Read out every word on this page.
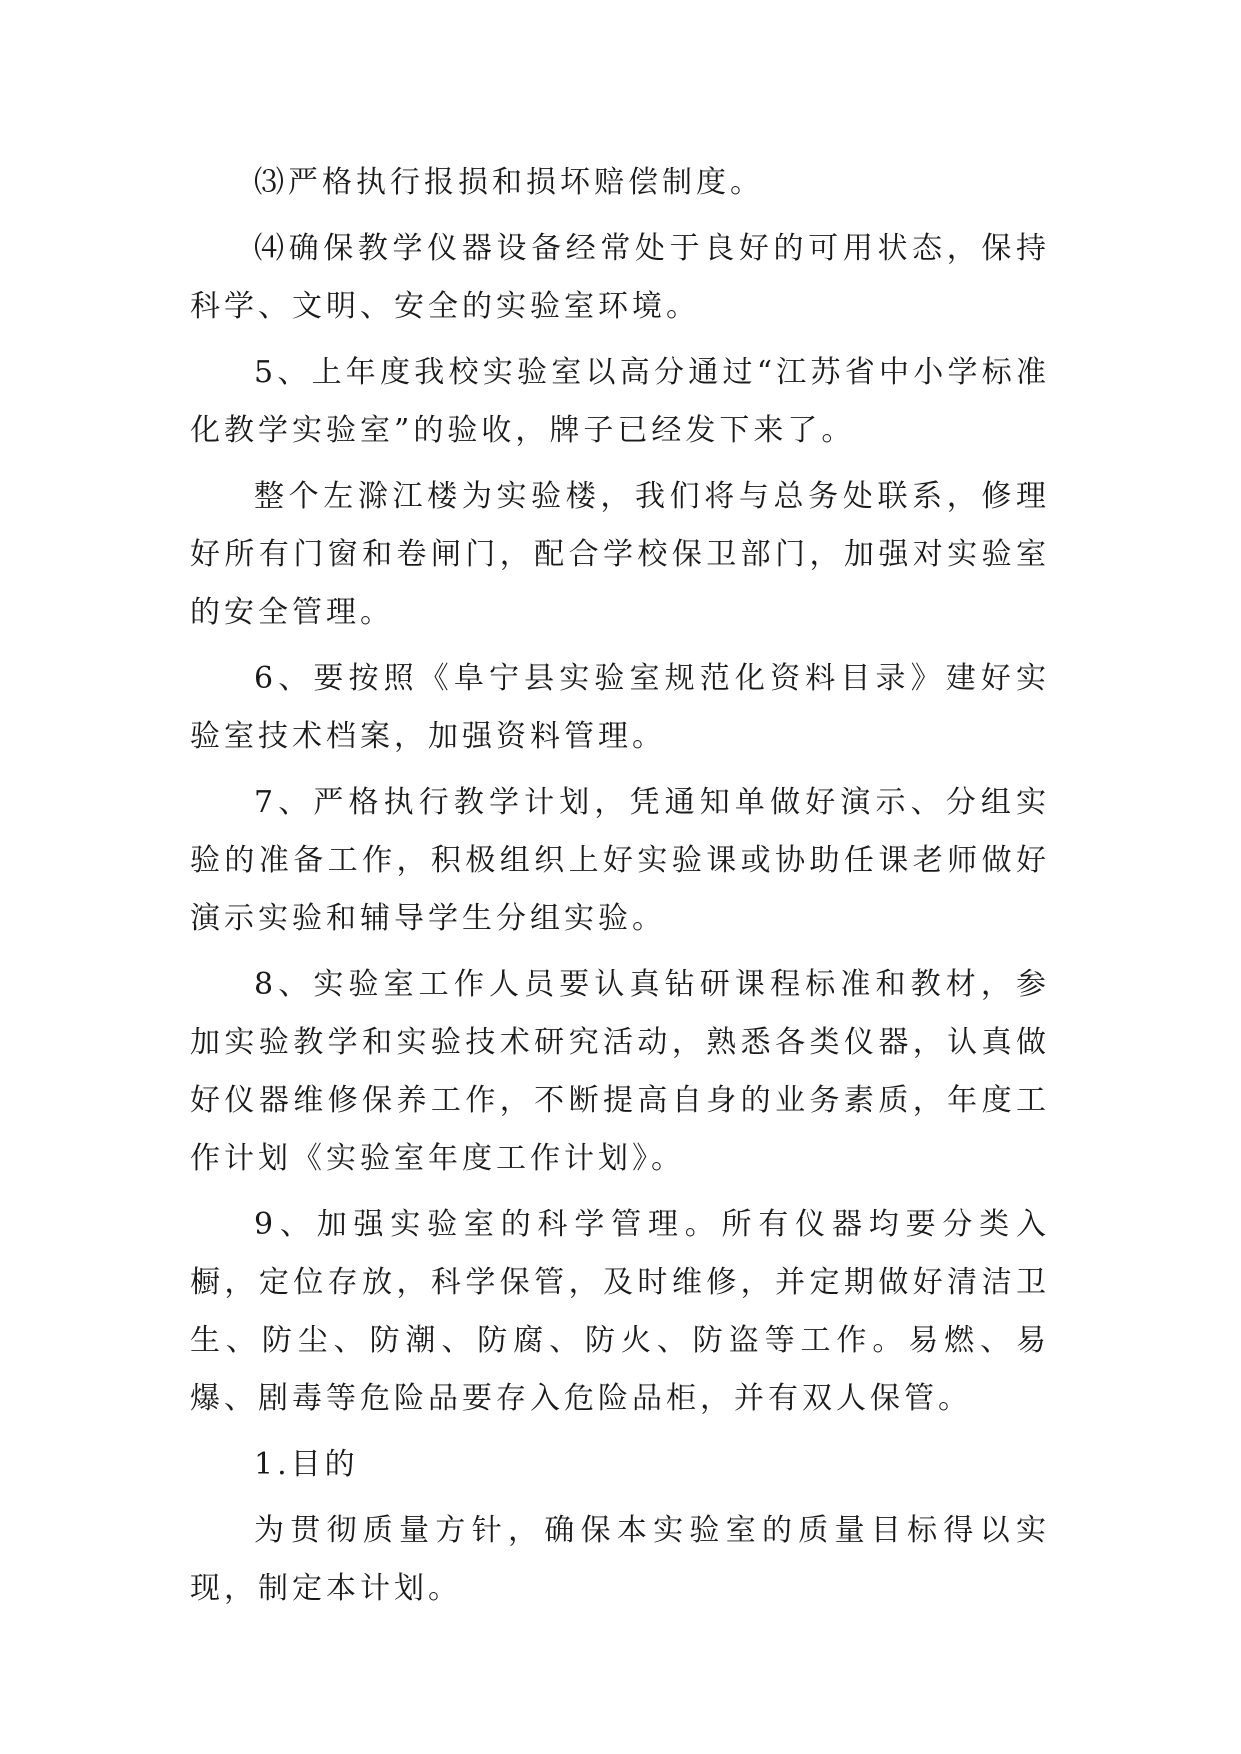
⑶严格执行报损和损坏赔偿制度。

⑷确保教学仪器设备经常处于良好的可用状态，保持科学、文明、安全的实验室环境。

5、上年度我校实验室以高分通过“江苏省中小学标准化教学实验室”的验收，牌子已经发下来了。

整个左滁江楼为实验楼，我们将与总务处联系，修理好所有门窗和卷闸门，配合学校保卫部门，加强对实验室的安全管理。

6、要按照《阜宁县实验室规范化资料目录》建好实验室技术档案，加强资料管理。

7、严格执行教学计划，凭通知单做好演示、分组实验的准备工作，积极组织上好实验课或协助任课老师做好演示实验和辅导学生分组实验。

8、实验室工作人员要认真钻研课程标准和教材，参加实验教学和实验技术研究活动，熟悉各类仪器，认真做好仪器维修保养工作，不断提高自身的业务素质，年度工作计划《实验室年度工作计划》。

9、加强实验室的科学管理。所有仪器均要分类入橱，定位存放，科学保管，及时维修，并定期做好清洁卫生、防尘、防潮、防腐、防火、防盗等工作。易燃、易爆、剧毒等危险品要存入危险品柜，并有双人保管。

1.目的

为贯彻质量方针，确保本实验室的质量目标得以实现，制定本计划。
